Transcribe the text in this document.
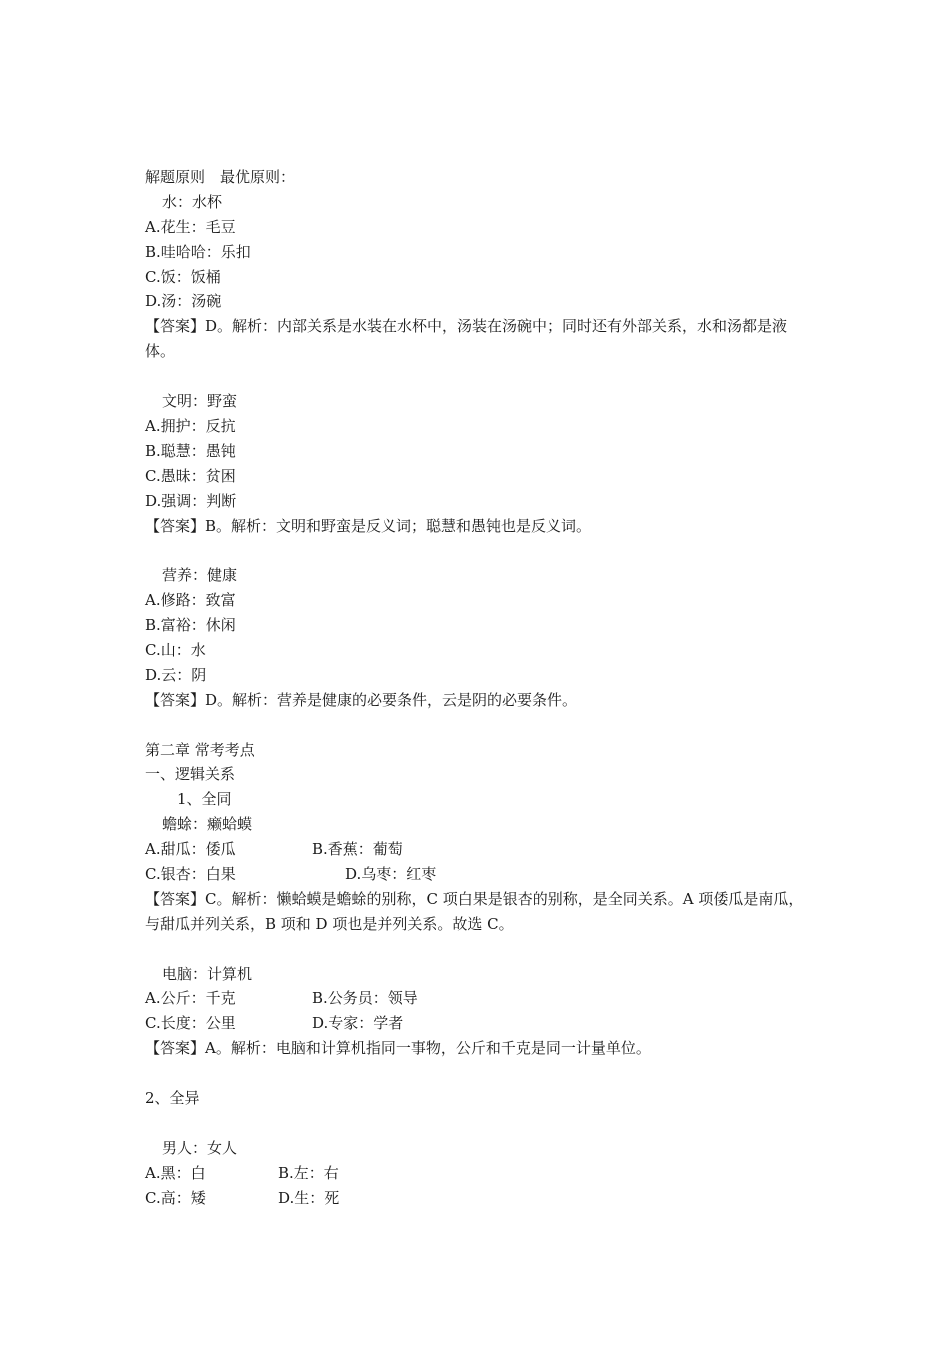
解题原则　最优原则：
水：水杯
A.花生：毛豆
B.哇哈哈：乐扣
C.饭：饭桶
D.汤：汤碗
【答案】D。解析：内部关系是水装在水杯中，汤装在汤碗中；同时还有外部关系，水和汤都是液体。
文明：野蛮
A.拥护：反抗
B.聪慧：愚钝
C.愚昧：贫困
D.强调：判断
【答案】B。解析：文明和野蛮是反义词；聪慧和愚钝也是反义词。
营养：健康
A.修路：致富
B.富裕：休闲
C.山：水
D.云：阴
【答案】D。解析：营养是健康的必要条件，云是阴的必要条件。
第二章 常考考点
一、逻辑关系
1、全同
蟾蜍：癞蛤蟆
A.甜瓜：倭瓜	B.香蕉：葡萄
C.银杏：白果	D.乌枣：红枣
【答案】C。解析：懒蛤蟆是蟾蜍的别称，C 项白果是银杏的别称，是全同关系。A 项倭瓜是南瓜，与甜瓜并列关系，B 项和 D 项也是并列关系。故选 C。
电脑：计算机
A.公斤：千克	B.公务员：领导
C.长度：公里	D.专家：学者
【答案】A。解析：电脑和计算机指同一事物，公斤和千克是同一计量单位。
2、全异
男人：女人
A.黑：白	B.左：右
C.高：矮	D.生：死
